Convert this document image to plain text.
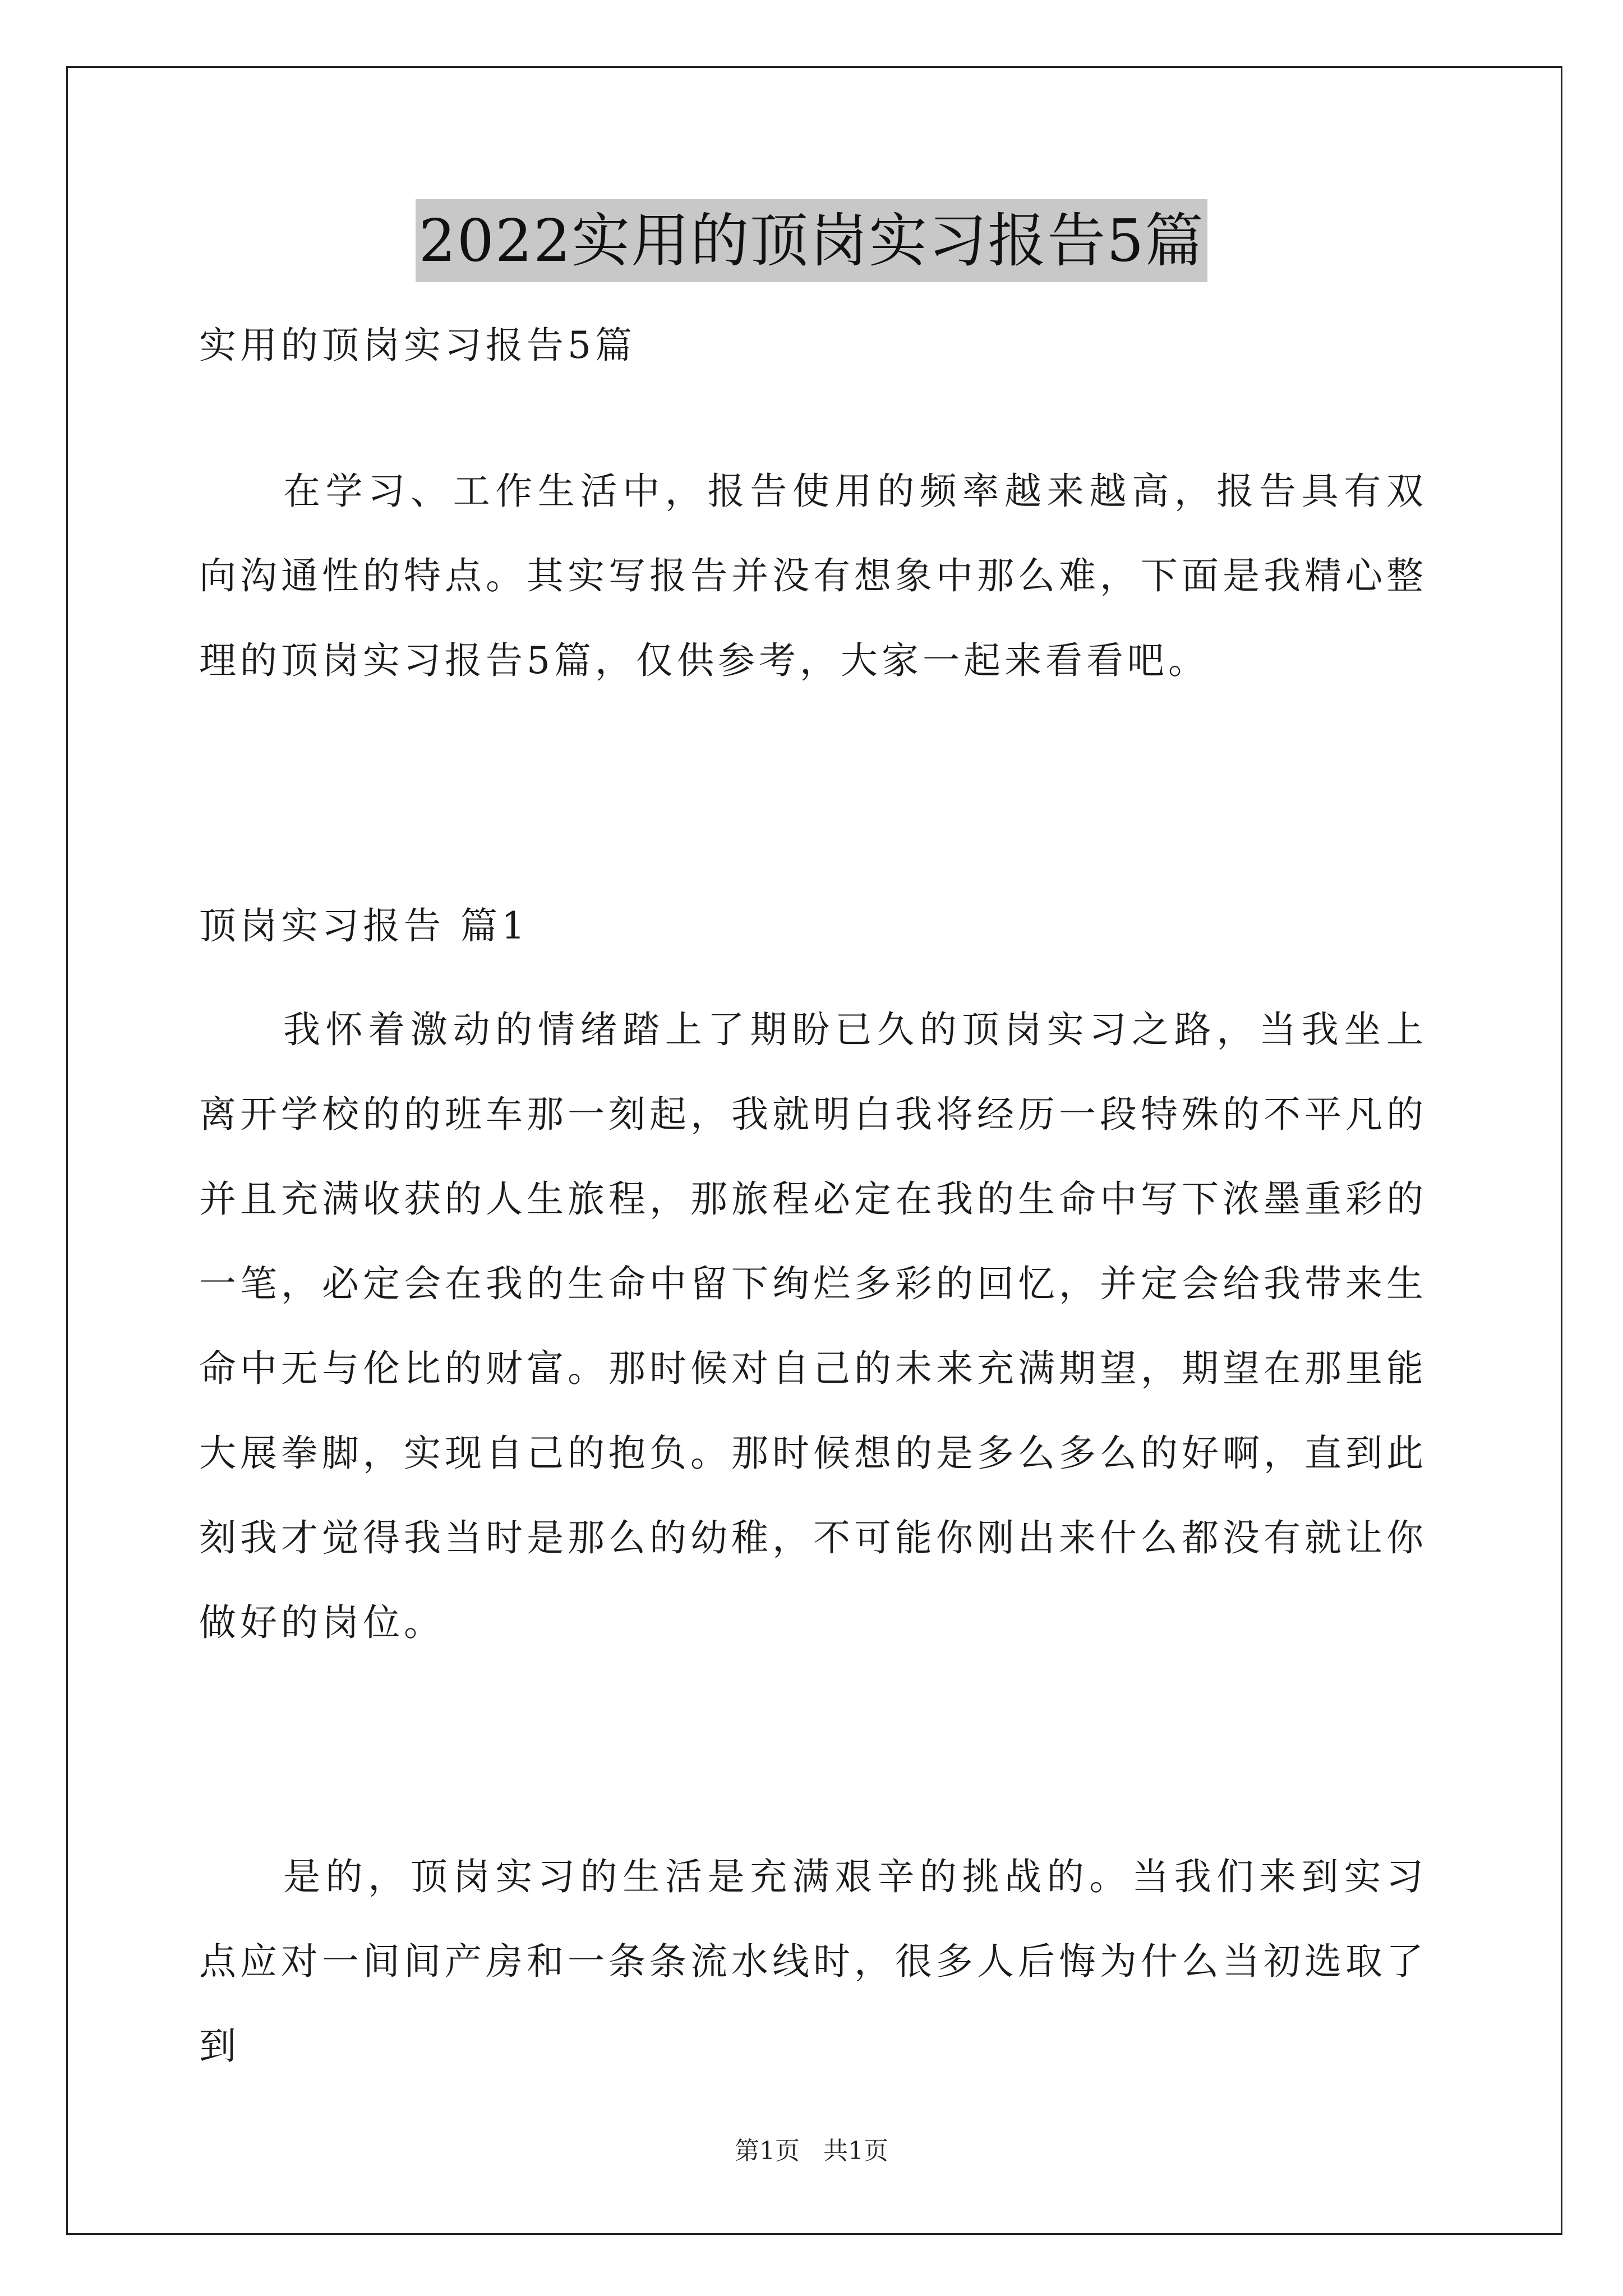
2022实用的顶岗实习报告5篇
实用的顶岗实习报告5篇
在学习、工作生活中，报告使用的频率越来越高，报告具有双向沟通性的特点。其实写报告并没有想象中那么难，下面是我精心整理的顶岗实习报告5篇，仅供参考，大家一起来看看吧。
顶岗实习报告 篇1
我怀着激动的情绪踏上了期盼已久的顶岗实习之路，当我坐上离开学校的的班车那一刻起，我就明白我将经历一段特殊的不平凡的并且充满收获的人生旅程，那旅程必定在我的生命中写下浓墨重彩的一笔，必定会在我的生命中留下绚烂多彩的回忆，并定会给我带来生命中无与伦比的财富。那时候对自己的未来充满期望，期望在那里能大展拳脚，实现自己的抱负。那时候想的是多么多么的好啊，直到此刻我才觉得我当时是那么的幼稚，不可能你刚出来什么都没有就让你做好的岗位。
是的，顶岗实习的生活是充满艰辛的挑战的。当我们来到实习点应对一间间产房和一条条流水线时，很多人后悔为什么当初选取了到
第1页   共1页
